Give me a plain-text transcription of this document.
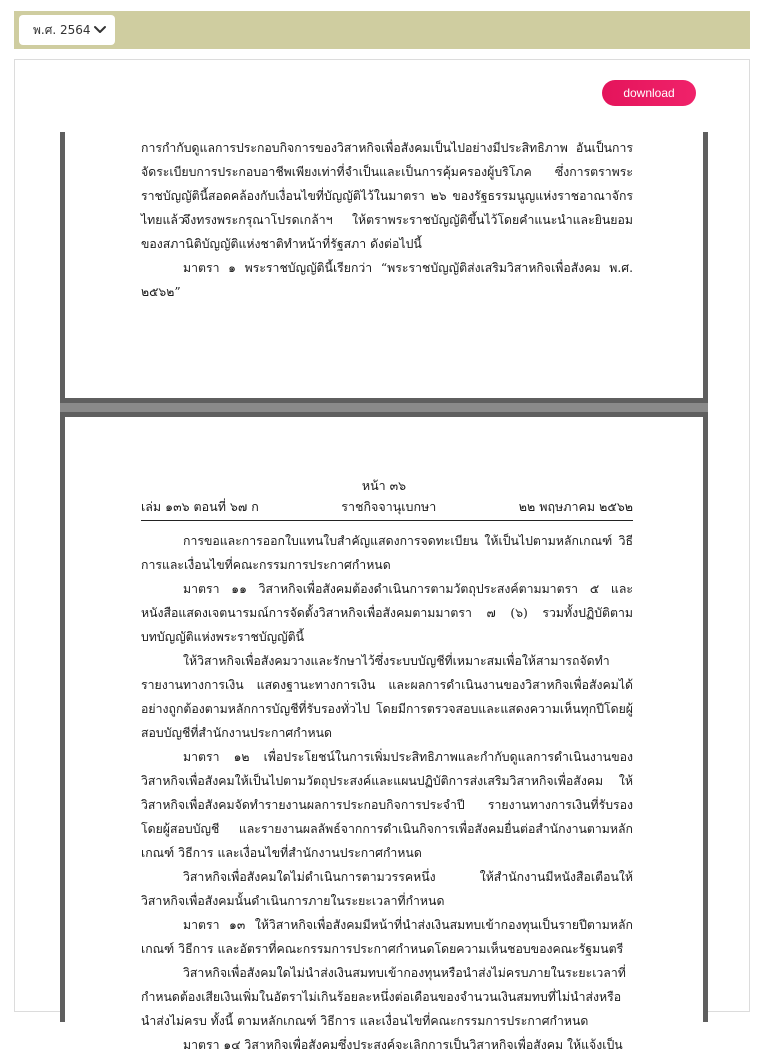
พ.ศ. 2564
download

การกำกับดูแลการประกอบกิจการของวิสาหกิจเพื่อสังคมเป็นไปอย่างมีประสิทธิภาพ อันเป็นการจัดระเบียบการประกอบอาชีพเพียงเท่าที่จำเป็นและเป็นการคุ้มครองผู้บริโภค ซึ่งการตราพระราชบัญญัตินี้สอดคล้องกับเงื่อนไขที่บัญญัติไว้ในมาตรา ๒๖ ของรัฐธรรมนูญแห่งราชอาณาจักรไทยแล้ว

จึงทรงพระกรุณาโปรดเกล้าฯ ให้ตราพระราชบัญญัติขึ้นไว้โดยคำแนะนำและยินยอมของสภานิติบัญญัติแห่งชาติทำหน้าที่รัฐสภา ดังต่อไปนี้

มาตรา ๑ พระราชบัญญัตินี้เรียกว่า “พระราชบัญญัติส่งเสริมวิสาหกิจเพื่อสังคม พ.ศ. ๒๕๖๒”

หน้า ๓๖
เล่ม ๑๓๖ ตอนที่ ๖๗ ก	ราชกิจจานุเบกษา	๒๒ พฤษภาคม ๒๕๖๒

การขอและการออกใบแทนใบสำคัญแสดงการจดทะเบียน ให้เป็นไปตามหลักเกณฑ์ วิธีการและเงื่อนไขที่คณะกรรมการประกาศกำหนด

มาตรา ๑๑ วิสาหกิจเพื่อสังคมต้องดำเนินการตามวัตถุประสงค์ตามมาตรา ๕ และหนังสือแสดงเจตนารมณ์การจัดตั้งวิสาหกิจเพื่อสังคมตามมาตรา ๗ (๖) รวมทั้งปฏิบัติตามบทบัญญัติแห่งพระราชบัญญัตินี้

ให้วิสาหกิจเพื่อสังคมวางและรักษาไว้ซึ่งระบบบัญชีที่เหมาะสมเพื่อให้สามารถจัดทำรายงานทางการเงิน แสดงฐานะทางการเงิน และผลการดำเนินงานของวิสาหกิจเพื่อสังคมได้อย่างถูกต้องตามหลักการบัญชีที่รับรองทั่วไป โดยมีการตรวจสอบและแสดงความเห็นทุกปีโดยผู้สอบบัญชีที่สำนักงานประกาศกำหนด

มาตรา ๑๒ เพื่อประโยชน์ในการเพิ่มประสิทธิภาพและกำกับดูแลการดำเนินงานของวิสาหกิจเพื่อสังคมให้เป็นไปตามวัตถุประสงค์และแผนปฏิบัติการส่งเสริมวิสาหกิจเพื่อสังคม ให้วิสาหกิจเพื่อสังคมจัดทำรายงานผลการประกอบกิจการประจำปี รายงานทางการเงินที่รับรองโดยผู้สอบบัญชี และรายงานผลลัพธ์จากการดำเนินกิจการเพื่อสังคมยื่นต่อสำนักงานตามหลักเกณฑ์ วิธีการ และเงื่อนไขที่สำนักงานประกาศกำหนด

วิสาหกิจเพื่อสังคมใดไม่ดำเนินการตามวรรคหนึ่ง ให้สำนักงานมีหนังสือเตือนให้วิสาหกิจเพื่อสังคมนั้นดำเนินการภายในระยะเวลาที่กำหนด

มาตรา ๑๓ ให้วิสาหกิจเพื่อสังคมมีหน้าที่นำส่งเงินสมทบเข้ากองทุนเป็นรายปีตามหลักเกณฑ์ วิธีการ และอัตราที่คณะกรรมการประกาศกำหนดโดยความเห็นชอบของคณะรัฐมนตรี

วิสาหกิจเพื่อสังคมใดไม่นำส่งเงินสมทบเข้ากองทุนหรือนำส่งไม่ครบภายในระยะเวลาที่กำหนดต้องเสียเงินเพิ่มในอัตราไม่เกินร้อยละหนึ่งต่อเดือนของจำนวนเงินสมทบที่ไม่นำส่งหรือนำส่งไม่ครบ ทั้งนี้ ตามหลักเกณฑ์ วิธีการ และเงื่อนไขที่คณะกรรมการประกาศกำหนด

มาตรา ๑๔ วิสาหกิจเพื่อสังคมซึ่งประสงค์จะเลิกการเป็นวิสาหกิจเพื่อสังคม ให้แจ้งเป็น
